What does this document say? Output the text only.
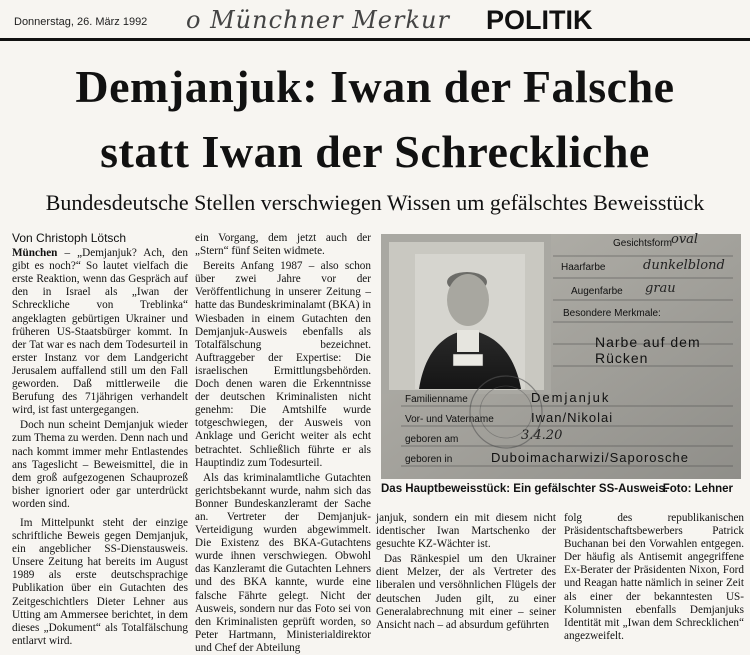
Donnerstag, 26. März 1992 o Münchner Merkur POLITIK
Demjanjuk: Iwan der Falsche
statt Iwan der Schreckliche
Bundesdeutsche Stellen verschwiegen Wissen um gefälschtes Beweisstück

Von Christoph Lötsch

München – „Demjanjuk? Ach, den gibt es noch?“ So lautet vielfach die erste Reaktion, wenn das Gespräch auf den in Israel als „Iwan der Schreckliche von Treblinka“ angeklagten gebürtigen Ukrainer und früheren US-Staatsbürger kommt. In der Tat war es nach dem Todesurteil in erster Instanz vor dem Landgericht Jerusalem auffallend still um den Fall geworden. Daß mittlerweile die Berufung des 71jährigen verhandelt wird, ist fast untergegangen.

Doch nun scheint Demjanjuk wieder zum Thema zu werden. Denn nach und nach kommt immer mehr Entlastendes ans Tageslicht – Beweismittel, die in dem groß aufgezogenen Schauprozeß bisher ignoriert oder gar unterdrückt worden sind.

Im Mittelpunkt steht der einzige schriftliche Beweis gegen Demjanjuk, ein angeblicher SS-Dienstausweis. Unsere Zeitung hat bereits im August 1989 als erste deutschsprachige Publikation über ein Gutachten des Zeitgeschichtlers Dieter Lehner aus Utting am Ammersee berichtet, in dem dieses „Dokument“ als Totalfälschung entlarvt wird.

ein Vorgang, dem jetzt auch der „Stern“ fünf Seiten widmete.

Bereits Anfang 1987 – also schon über zwei Jahre vor der Veröffentlichung in unserer Zeitung – hatte das Bundeskriminalamt (BKA) in Wiesbaden in einem Gutachten den Demjanjuk-Ausweis ebenfalls als Totalfälschung bezeichnet. Auftraggeber der Expertise: Die israelischen Ermittlungsbehörden. Doch denen waren die Erkenntnisse der deutschen Kriminalisten nicht genehm: Die Amtshilfe wurde totgeschwiegen, der Ausweis von Anklage und Gericht weiter als echt betrachtet. Schließlich führte er als Hauptindiz zum Todesurteil.

Als das kriminalamtliche Gutachten gerichtsbekannt wurde, nahm sich das Bonner Bundeskanzleramt der Sache an. Vertreter der Demjanjuk-Verteidigung wurden abgewimmelt. Die Existenz des BKA-Gutachtens wurde ihnen verschwiegen. Obwohl das Kanzleramt die Gutachten Lehners und des BKA kannte, wurde eine falsche Fährte gelegt. Nicht der Ausweis, sondern nur das Foto sei von den Kriminalisten geprüft worden, so Peter Hartmann, Ministerialdirektor und Chef der Abteilung

Gesichtsform oval
Haarfarbe	dunkelblond
Augenfarbe grau
Besondere Merkmale:
Narbe auf dem Rücken
Familienname	Demjanjuk
Vor- und Vatername	Iwan/Nikolai
geboren am	3.4.20
geboren in	Duboimacharwizi/Saporosche
Das Hauptbeweisstück: Ein gefälschter SS-Ausweis.
Foto: Lehner

janjuk, sondern ein mit diesem nicht identischer Iwan Martschenko der gesuchte KZ-Wächter ist.

Das Ränkespiel um den Ukrainer dient Melzer, der als Vertreter des liberalen und versöhnlichen Flügels der deutschen Juden gilt, zu einer Generalabrechnung mit einer – seiner Ansicht nach – ad absurdum geführten

folg des republikanischen Präsidentschaftsbewerbers Patrick Buchanan bei den Vorwahlen entgegen. Der häufig als Antisemit angegriffene Ex-Berater der Präsidenten Nixon, Ford und Reagan hatte nämlich in seiner Zeit als einer der bekanntesten US-Kolumnisten ebenfalls Demjanjuks Identität mit „Iwan dem Schrecklichen“ angezweifelt.
